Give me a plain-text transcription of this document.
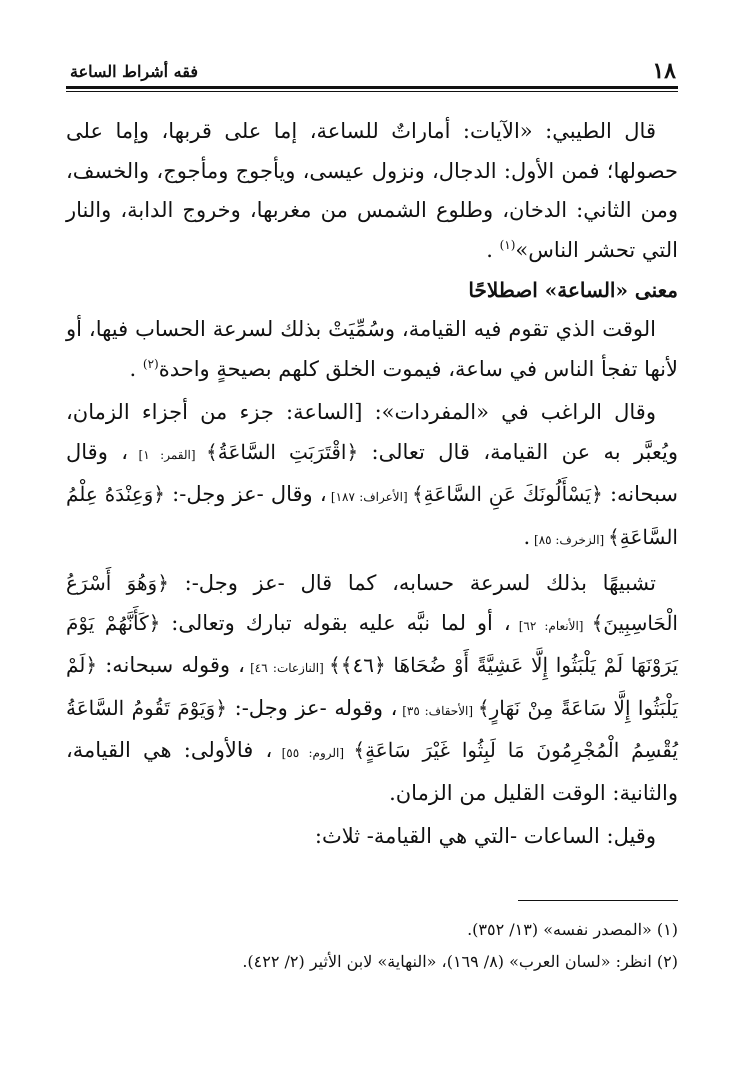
١٨
فقه أشراط الساعة

قال الطيبي: «الآيات: أماراتٌ للساعة، إما على قربها، وإما على حصولها؛ فمن الأول: الدجال، ونزول عيسى، ويأجوج ومأجوج، والخسف، ومن الثاني: الدخان، وطلوع الشمس من مغربها، وخروج الدابة، والنار التي تحشر الناس»$^{(١)}$ .

معنى «الساعة» اصطلاحًا

الوقت الذي تقوم فيه القيامة، وسُمِّيَتْ بذلك لسرعة الحساب فيها، أو لأنها تفجأ الناس في ساعة، فيموت الخلق كلهم بصيحةٍ واحدة$^{(٢)}$ .

وقال الراغب في «المفردات»: [الساعة: جزء من أجزاء الزمان، ويُعبَّر به عن القيامة، قال تعالى: ﴿اقْتَرَبَتِ السَّاعَةُ﴾ [القمر: ١] ، وقال سبحانه: ﴿يَسْأَلُونَكَ عَنِ السَّاعَةِ﴾ [الأعراف: ١٨٧] ، وقال -عز وجل-: ﴿وَعِنْدَهُ عِلْمُ السَّاعَةِ﴾ [الزخرف: ٨٥] .

تشبيهًا بذلك لسرعة حسابه، كما قال -عز وجل-: ﴿وَهُوَ أَسْرَعُ الْحَاسِبِينَ﴾ [الأنعام: ٦٢] ، أو لما نبَّه عليه بقوله تبارك وتعالى: ﴿كَأَنَّهُمْ يَوْمَ يَرَوْنَهَا لَمْ يَلْبَثُوا إِلَّا عَشِيَّةً أَوْ ضُحَاهَا ﴿٤٦﴾﴾ [النازعات: ٤٦] ، وقوله سبحانه: ﴿لَمْ يَلْبَثُوا إِلَّا سَاعَةً مِنْ نَهَارٍ﴾ [الأحقاف: ٣٥] ، وقوله -عز وجل-: ﴿وَيَوْمَ تَقُومُ السَّاعَةُ يُقْسِمُ الْمُجْرِمُونَ مَا لَبِثُوا غَيْرَ سَاعَةٍ﴾ [الروم: ٥٥] ، فالأولى: هي القيامة، والثانية: الوقت القليل من الزمان.

وقيل: الساعات -التي هي القيامة- ثلاث:

(١) «المصدر نفسه» (١٣/ ٣٥٢).

(٢) انظر: «لسان العرب» (٨/ ١٦٩)، «النهاية» لابن الأثير (٢/ ٤٢٢).
